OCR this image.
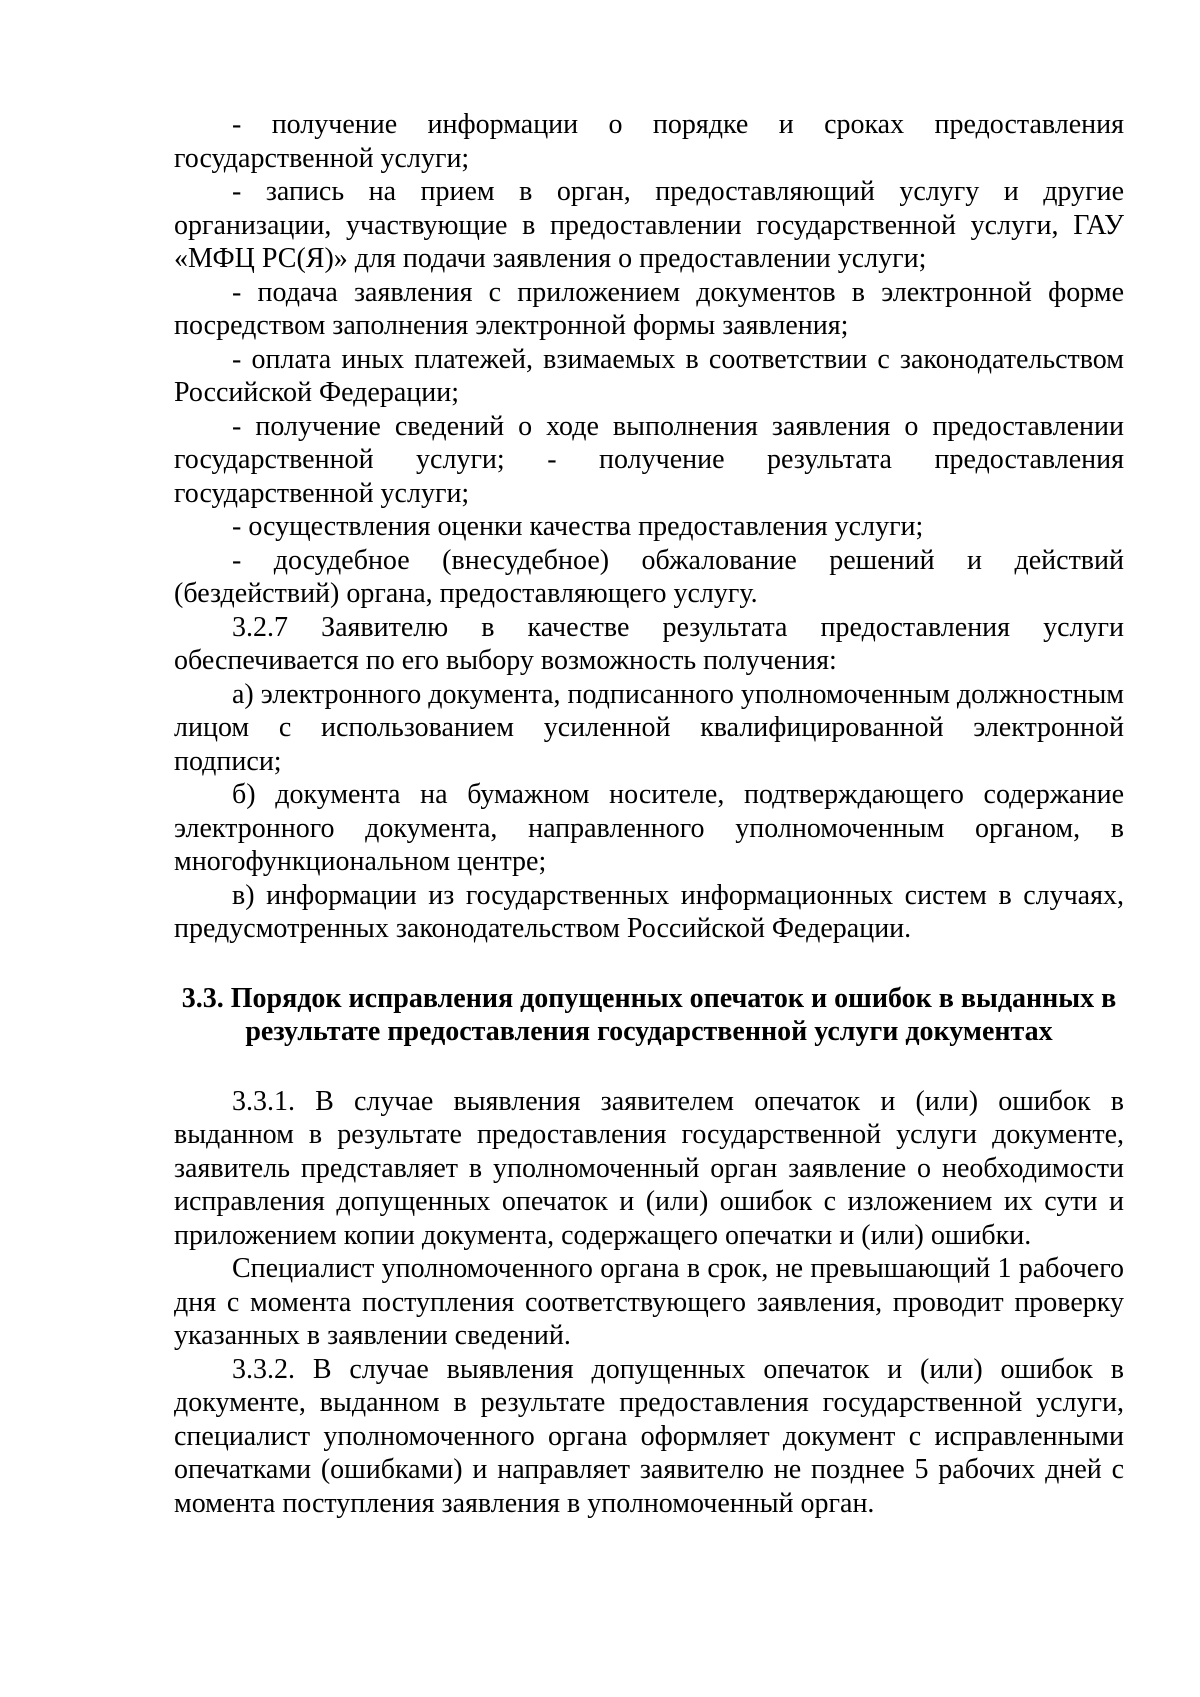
- получение информации о порядке и сроках предоставления государственной услуги;

- запись на прием в орган, предоставляющий услугу и другие организации, участвующие в предоставлении государственной услуги, ГАУ «МФЦ РС(Я)» для подачи заявления о предоставлении услуги;

- подача заявления с приложением документов в электронной форме посредством заполнения электронной формы заявления;

- оплата иных платежей, взимаемых в соответствии с законодательством Российской Федерации;

- получение сведений о ходе выполнения заявления о предоставлении государственной услуги; - получение результата предоставления государственной услуги;

- осуществления оценки качества предоставления услуги;

- досудебное (внесудебное) обжалование решений и действий (бездействий) органа, предоставляющего услугу.

3.2.7 Заявителю в качестве результата предоставления услуги обеспечивается по его выбору возможность получения:

а) электронного документа, подписанного уполномоченным должностным лицом с использованием усиленной квалифицированной электронной подписи;

б) документа на бумажном носителе, подтверждающего содержание электронного документа, направленного уполномоченным органом, в многофункциональном центре;

в) информации из государственных информационных систем в случаях, предусмотренных законодательством Российской Федерации.

3.3. Порядок исправления допущенных опечаток и ошибок в выданных в результате предоставления государственной услуги документах

3.3.1. В случае выявления заявителем опечаток и (или) ошибок в выданном в результате предоставления государственной услуги документе, заявитель представляет в уполномоченный орган заявление о необходимости исправления допущенных опечаток и (или) ошибок с изложением их сути и приложением копии документа, содержащего опечатки и (или) ошибки.

Специалист уполномоченного органа в срок, не превышающий 1 рабочего дня с момента поступления соответствующего заявления, проводит проверку указанных в заявлении сведений.

3.3.2. В случае выявления допущенных опечаток и (или) ошибок в документе, выданном в результате предоставления государственной услуги, специалист уполномоченного органа оформляет документ с исправленными опечатками (ошибками) и направляет заявителю не позднее 5 рабочих дней с момента поступления заявления в уполномоченный орган.
